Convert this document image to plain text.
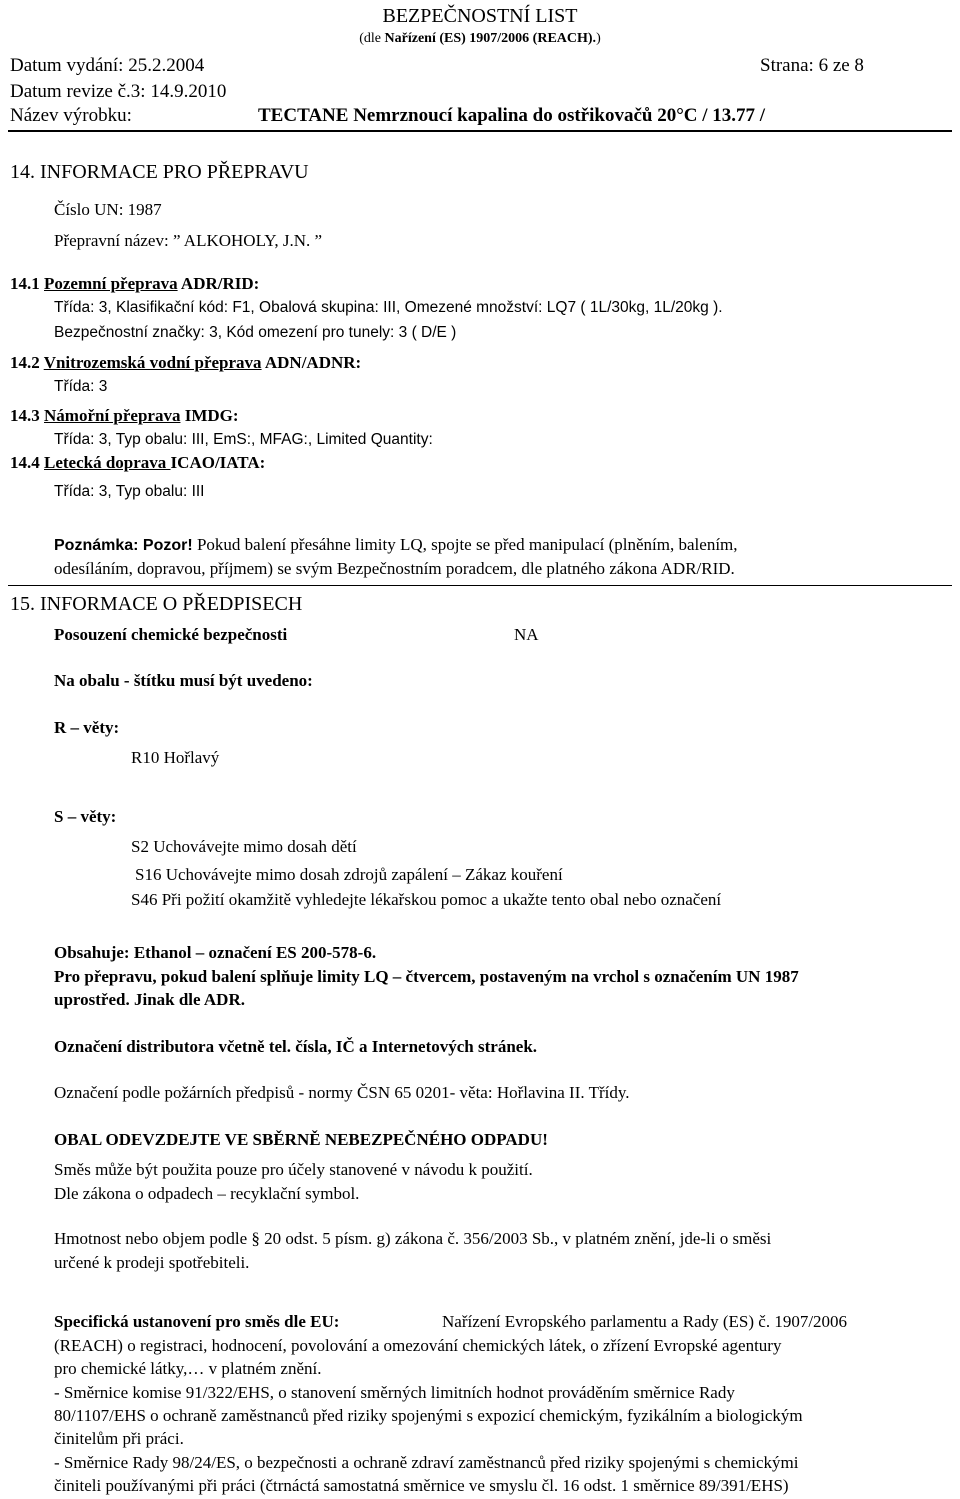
BEZPEČNOSTNÍ LIST
(dle Nařízení (ES) 1907/2006 (REACH).)
Datum vydání: 25.2.2004	Strana: 6 ze 8
Datum revize č.3: 14.9.2010
Název výrobku:	TECTANE Nemrznoucí kapalina do ostřikovačů 20°C / 13.77 /
14. INFORMACE PRO PŘEPRAVU
Číslo UN: 1987
Přepravní název: ” ALKOHOLY, J.N. ”
14.1 Pozemní přeprava ADR/RID:
Třída: 3, Klasifikační kód: F1, Obalová skupina: III, Omezené množství: LQ7 ( 1L/30kg, 1L/20kg ).
Bezpečnostní značky: 3, Kód omezení pro tunely: 3 ( D/E )
14.2 Vnitrozemská vodní přeprava ADN/ADNR:
Třída: 3
14.3 Námořní přeprava IMDG:
Třída: 3, Typ obalu: III, EmS:, MFAG:, Limited Quantity:
14.4 Letecká doprava ICAO/IATA:
Třída: 3, Typ obalu: III
Poznámka: Pozor! Pokud balení přesáhne limity LQ, spojte se před manipulací (plněním, balením,
odesíláním, dopravou, příjmem) se svým Bezpečnostním poradcem, dle platného zákona ADR/RID.
15. INFORMACE O PŘEDPISECH
Posouzení chemické bezpečnosti	NA
Na obalu - štítku musí být uvedeno:
R – věty:
R10 Hořlavý
S – věty:
S2 Uchovávejte mimo dosah dětí
S16 Uchovávejte mimo dosah zdrojů zapálení – Zákaz kouření
S46 Při požití okamžitě vyhledejte lékařskou pomoc a ukažte tento obal nebo označení
Obsahuje: Ethanol – označení ES 200-578-6.
Pro přepravu, pokud balení splňuje limity LQ – čtvercem, postaveným na vrchol s označením UN 1987
uprostřed. Jinak dle ADR.
Označení distributora včetně tel. čísla, IČ a Internetových stránek.
Označení podle požárních předpisů - normy ČSN 65 0201- věta: Hořlavina II. Třídy.
OBAL ODEVZDEJTE VE SBĚRNĚ NEBEZPEČNÉHO ODPADU!
Směs může být použita pouze pro účely stanovené v návodu k použití.
Dle zákona o odpadech – recyklační symbol.
Hmotnost nebo objem podle § 20 odst. 5 písm. g) zákona č. 356/2003 Sb., v platném znění, jde-li o směsi
určené k prodeji spotřebiteli.
Specifická ustanovení pro směs dle EU:	Nařízení Evropského parlamentu a Rady (ES) č. 1907/2006
(REACH) o registraci, hodnocení, povolování a omezování chemických látek, o zřízení Evropské agentury
pro chemické látky,… v platném znění.
- Směrnice komise 91/322/EHS, o stanovení směrných limitních hodnot prováděním směrnice Rady
80/1107/EHS o ochraně zaměstnanců před riziky spojenými s expozicí chemickým, fyzikálním a biologickým
činitelům při práci.
- Směrnice Rady 98/24/ES, o bezpečnosti a ochraně zdraví zaměstnanců před riziky spojenými s chemickými
činiteli používanými při práci (čtrnáctá samostatná směrnice ve smyslu čl. 16 odst. 1 směrnice 89/391/EHS)
